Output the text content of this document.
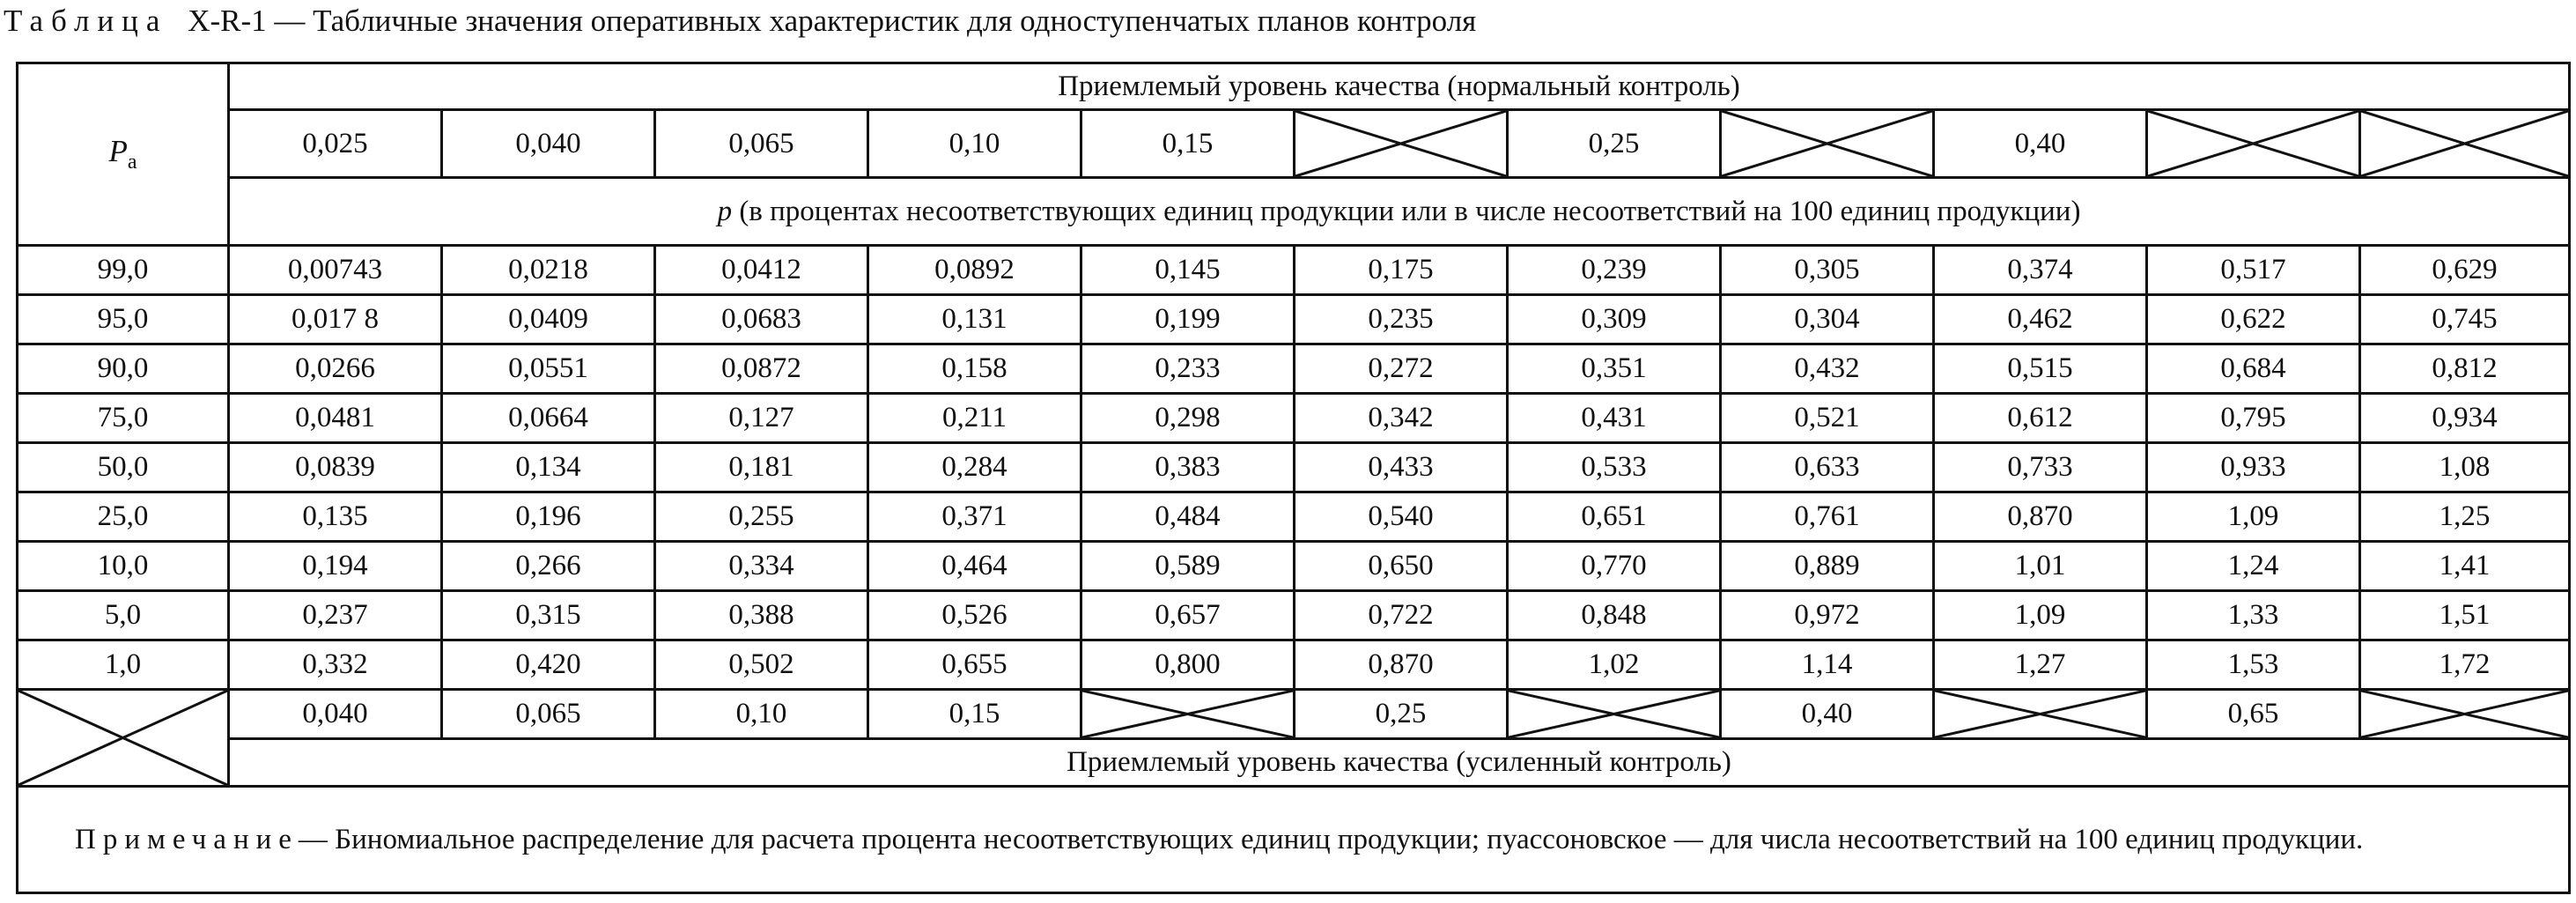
Таблица X-R-1 — Табличные значения оперативных характеристик для одноступенчатых планов контроля
$P_a$	Приемлемый уровень качества (нормальный контроль)										
	0,025	0,040	0,065	0,10	0,15		0,25		0,40	

	p (в процентах несоответствующих единиц продукции или в числе несоответствий на 100 единиц продукции)										
99,0	0,00743	0,0218	0,0412	0,0892	0,145	0,175	0,239	0,305	0,374	0,517	0,629
95,0	0,017 8	0,0409	0,0683	0,131	0,199	0,235	0,309	0,304	0,462	0,622	0,745
90,0	0,0266	0,0551	0,0872	0,158	0,233	0,272	0,351	0,432	0,515	0,684	0,812
75,0	0,0481	0,0664	0,127	0,211	0,298	0,342	0,431	0,521	0,612	0,795	0,934
50,0	0,0839	0,134	0,181	0,284	0,383	0,433	0,533	0,633	0,733	0,933	1,08
25,0	0,135	0,196	0,255	0,371	0,484	0,540	0,651	0,761	0,870	1,09	1,25
10,0	0,194	0,266	0,334	0,464	0,589	0,650	0,770	0,889	1,01	1,24	1,41
5,0	0,237	0,315	0,388	0,526	0,657	0,722	0,848	0,972	1,09	1,33	1,51
1,0	0,332	0,420	0,502	0,655	0,800	0,870	1,02	1,14	1,27	1,53	1,72

	0,040	0,065	0,10	0,15		0,25		0,40		0,65	

	Приемлемый уровень качества (усиленный контроль)										
Примечание— Биномиальное распределение для расчета процента несоответствующих единиц продукции; пуассоновское — для числа несоответствий на 100 единиц продукции.											
